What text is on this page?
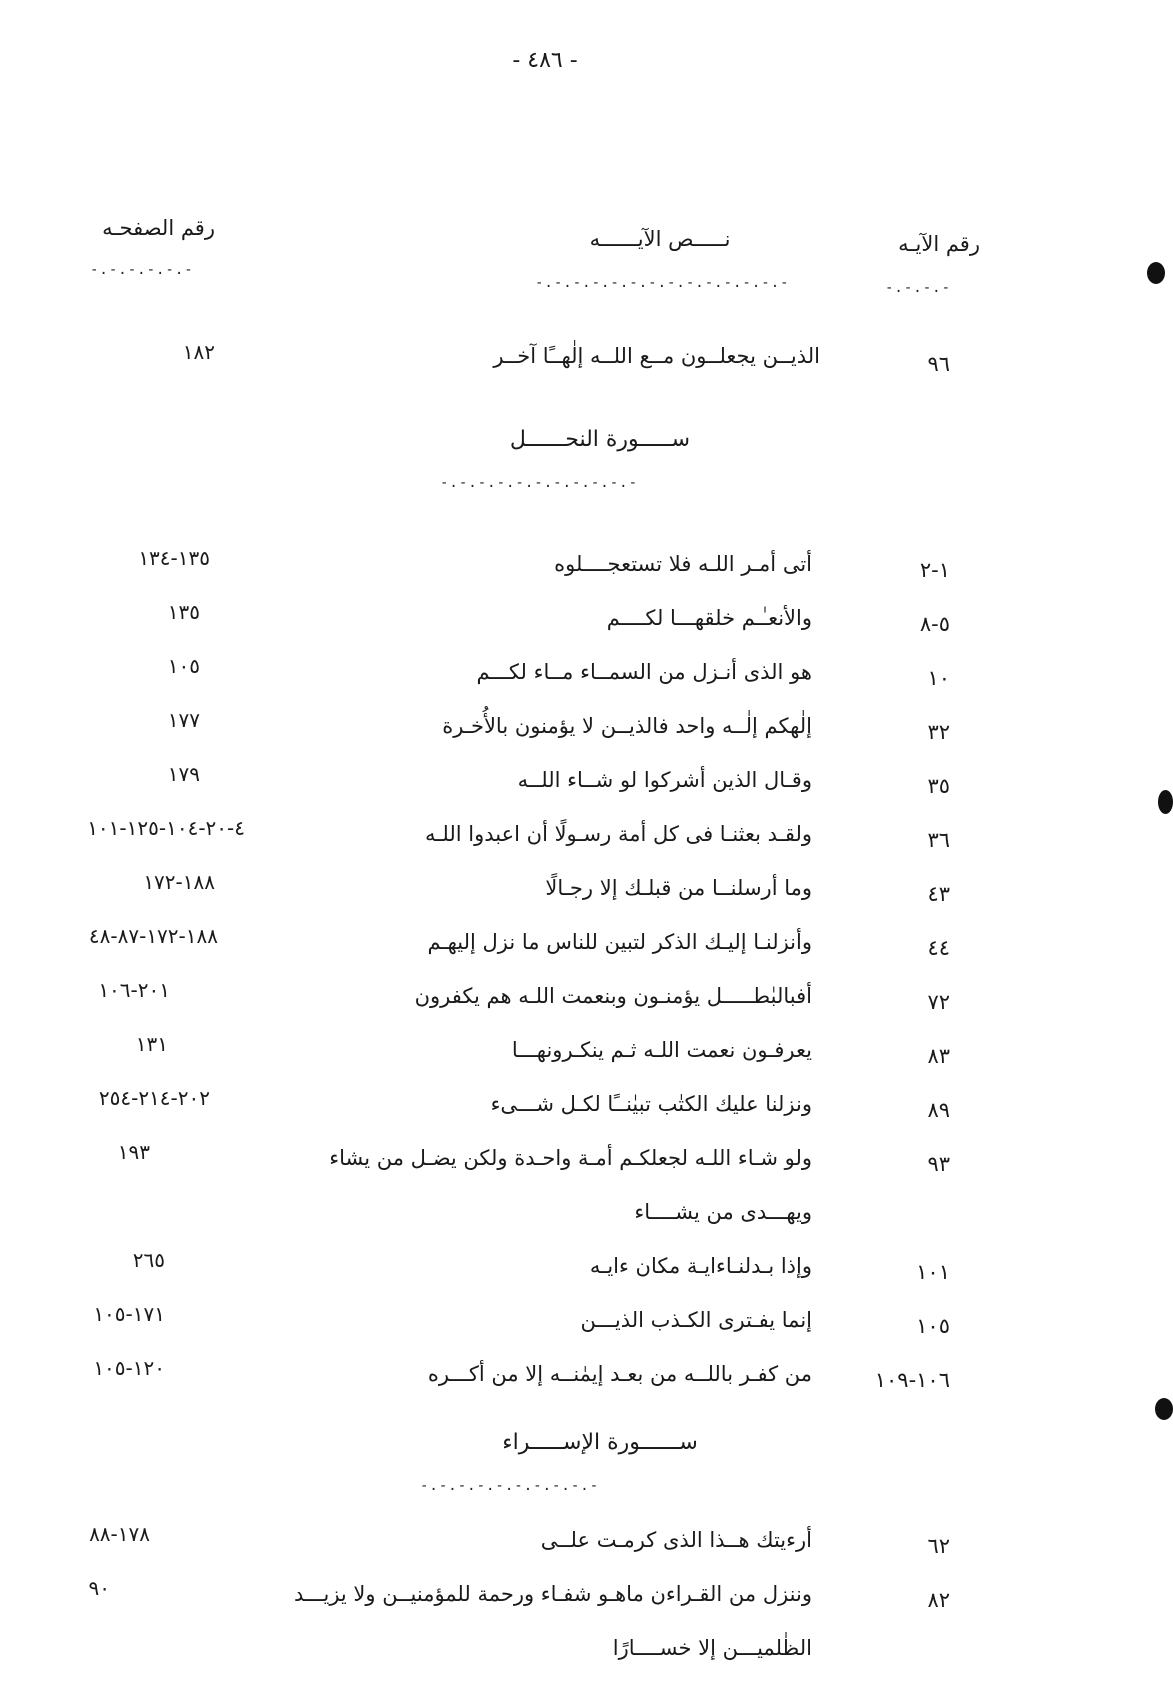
- ٤٨٦ -
رقم الآيـه
نـــــص الآيــــــه
رقم الصفحـه
-.-.-.-
-.-.-.-.-.-.-.-.-.-.-.-.-.-
-.-.-.-.-.-
٩٦
الذيــن يجعلــون مــع اللــه إلٰهــًا آخــر
١٨٢
ســـــورة النحــــــل
-.-.-.-.-.-.-.-.-.-.-
١-٢
أتى أمـر اللـه فلا تستعجــــلوه
١٣٥-١٣٤
٥-٨
والأنعـٰـم خلقهـــا لكــــم
١٣٥
١٠
هو الذى أنـزل من السمــاء مــاء لكـــم
١٠٥
٣٢
إلٰهكم إلٰــه واحد فالذيــن لا يؤمنون بالأُخـرة
١٧٧
٣٥
وقـال الذين أشركوا لو شــاء اللــه
١٧٩
٣٦
ولقـد بعثنـا فى كل أمة رسـولًا أن اعبدوا اللـه
٤-٢٠-١٠٤-١٢٥-١٠١
٤٣
وما أرسلنــا من قبلـك إلا رجـالًا
١٨٨-١٧٢
٤٤
وأنزلنـا إليـك الذكر لتبين للناس ما نزل إليهـم
١٨٨-١٧٢-٨٧-٤٨
٧٢
أفبالبٰطـــــل يؤمنـون وبنعمت اللـه هم يكفرون
٢٠١-١٠٦
٨٣
يعرفـون نعمت اللـه ثـم ينكـرونهـــا
١٣١
٨٩
ونزلنا عليك الكتٰب تبيٰنــًا لكـل شـــىء
٢٠٢-٢١٤-٢٥٤
٩٣
ولو شـاء اللـه لجعلكـم أمـة واحـدة ولكن يضـل من يشاء
١٩٣
ويهـــدى من يشــــاء
١٠١
وإذا بـدلنـاءايـة مكان ءايـه
٢٦٥
١٠٥
إنما يفـترى الكـذب الذيـــن
١٧١-١٠٥
١٠٦-١٠٩
من كفـر باللــه من بعـد إيمٰنــه إلا من أكـــره
١٢٠-١٠٥
ســــــورة الإســـــراء
-.-.-.-.-.-.-.-.-.-
٦٢
أرءيتك هــذا الذى كرمـت علــى
١٧٨-٨٨
٨٢
وننزل من القـراءن ماهـو شفـاء ورحمة للمؤمنيــن ولا يزيـــد
٩٠
الظٰلميـــن إلا خســــارًا
